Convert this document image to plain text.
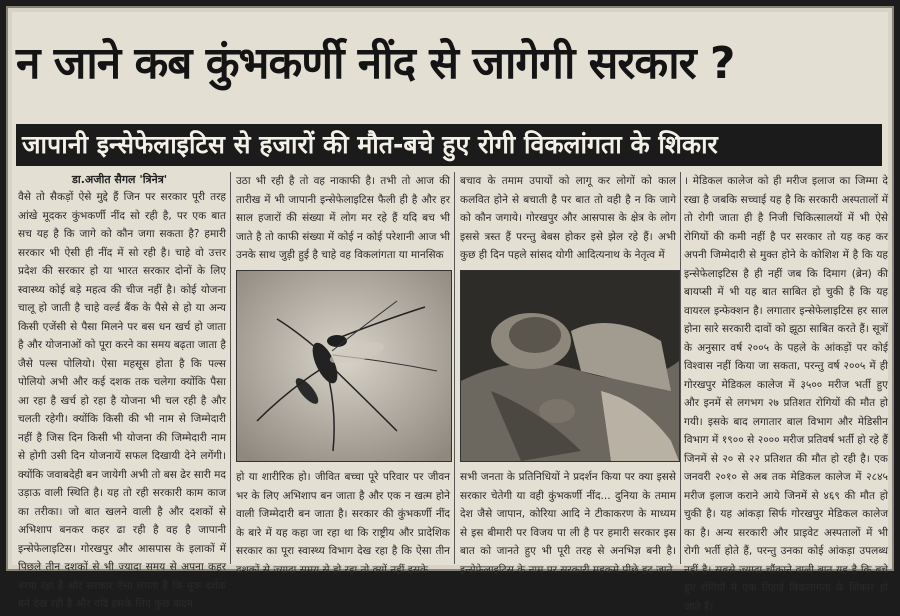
न जाने कब कुंभकर्णी नींद से जागेगी सरकार ?
जापानी इन्सेफेलाइटिस से हजारों की मौत-बचे हुए रोगी विकलांगता के शिकार
डा.अजीत सैगल 'त्रिनेत्र'
वैसे तो सैकड़ों ऐसे मुद्दे हैं जिन पर सरकार पूरी तरह आंखे मूदकर कुंभकर्णी नींद सो रही है, पर एक बात सच यह है कि जागे को कौन जगा सकता है? हमारी सरकार भी ऐसी ही नींद में सो रही है। चाहे वो उत्तर प्रदेश की सरकार हो या भारत सरकार दोनों के लिए स्वास्थ्य कोई बड़े महत्व की चीज नहीं है। कोई योजना चालू हो जाती है चाहे वर्ल्ड बैंक के पैसे से हो या अन्य किसी एजेंसी से पैसा मिलने पर बस धन खर्च हो जाता है और योजनाओं को पूरा करने का समय बढ़ता जाता है जैसे पल्स पोलियो। ऐसा महसूस होता है कि पल्स पोलियो अभी और कई दशक तक चलेगा क्योंकि पैसा आ रहा है खर्च हो रहा है योजना भी चल रही है और चलती रहेगी। क्योंकि किसी की भी नाम से जिम्मेदारी नहीं है जिस दिन किसी भी योजना की जिम्मेदारी नाम से होगी उसी दिन योजनायें सफल दिखायी देने लगेंगी। क्योंकि जवाबदेही बन जायेगी अभी तो बस ढेर सारी मद उड़ाऊ वाली स्थिति है। यह तो रही सरकारी काम काज का तरीका। जो बात खलने वाली है और दशकों से अभिशाप बनकर कहर ढा रही है वह है जापानी इन्सेफेलाइटिस। गोरखपुर और आसपास के इलाकों में पिछले तीन दशकों से भी ज्यादा समय से अपना कहर बरपा रहा है और सरकार ऐसा लगता है कि मूक दर्शक बने देख रही है और यदि इसके लिए कुछ कदम
उठा भी रही है तो वह नाकाफी है। तभी तो आज की तारीख में भी जापानी इन्सेफेलाइटिस फैली ही है और हर साल हजारों की संख्या में लोग मर रहे हैं यदि बच भी जाते है तो काफी संख्या में कोई न कोई परेशानी आज भी उनके साथ जुड़ी हुई है चाहे वह विकलांगता या मानसिक
बचाव के तमाम उपायों को लागू कर लोगों को काल कलवित होने से बचाती है पर बात तो वही है न कि जागे को कौन जगाये। गोरखपुर और आसपास के क्षेत्र के लोग इससे त्रस्त हैं परन्तु बेबस होकर इसे झेल रहे हैं। अभी कुछ ही दिन पहले सांसद योगी आदित्यनाथ के नेतृत्व में
। मेडिकल कालेज को ही मरीज इलाज का जिम्मा दे रखा है जबकि सच्चाई यह है कि सरकारी अस्पतालों में तो रोगी जाता ही है निजी चिकित्सालयों में भी ऐसे रोगियों की कमी नहीं है पर सरकार तो यह कह कर अपनी जिम्मेदारी से मुक्त होने के कोशिश में है कि यह इन्सेफेलाइटिस है ही नहीं जब कि दिमाग (ब्रेन) की बायप्सी में भी यह बात साबित हो चुकी है कि यह वायरल इन्फेक्शन है। लगातार इन्सेफेलाइटिस हर साल होना सारे सरकारी दावों को झूठा साबित करते हैं। सूत्रों के अनुसार वर्ष २००५ के पहले के आंकड़ों पर कोई विश्वास नहीं किया जा सकता, परन्तु वर्ष २००५ में ही गोरखपुर मेडिकल कालेज में ३५०० मरीज भर्ती हुए और इनमें से लगभग २७ प्रतिशत रोगियों की मौत हो गयी। इसके बाद लगातार बाल विभाग और मेडिसीन विभाग में १९०० से २००० मरीज प्रतिवर्ष भर्ती हो रहे हैं जिनमें से २० से २२ प्रतिशत की मौत हो रही है। एक जनवरी २०१० से अब तक मेडिकल कालेज में २८४५ मरीज इलाज कराने आये जिनमें से ४६९ की मौत हो चुकी है। यह आंकड़ा सिर्फ गोरखपुर मेडिकल कालेज का है। अन्य सरकारी और प्राइवेट अस्पतालों में भी रोगी भर्ती होते हैं, परन्तु उनका कोई आंकड़ा उपलब्ध नहीं है। सबसे ज्यादा चौंकाने वाली बात यह है कि बचे हुए रोगियों में एक तिहाई विकलांगता के शिकार हो जाते हैं।
हो या शारीरिक हो। जीवित बच्चा पूरे परिवार पर जीवन भर के लिए अभिशाप बन जाता है और एक न खत्म होने वाली जिम्मेदारी बन जाता है। सरकार की कुंभकर्णी नींद के बारे में यह कहा जा रहा था कि राष्ट्रीय और प्रादेशिक सरकार का पूरा स्वास्थ्य विभाग देख रहा है कि ऐसा तीन दशकों से ज्यादा समय से हो रहा तो क्यों नहीं इसके
सभी जनता के प्रतिनिधियों ने प्रदर्शन किया पर क्या इससे सरकार चेतेगी या वही कुंभकर्णी नींद... दुनिया के तमाम देश जैसे जापान, कोरिया आदि ने टीकाकरण के माध्यम से इस बीमारी पर विजय पा ली है पर हमारी सरकार इस बात को जानते हुए भी पूरी तरह से अनभिज्ञ बनी है। इन्सेफेलाइटिस के नाम पर सरकारी महकमे पीछे हट जाते
